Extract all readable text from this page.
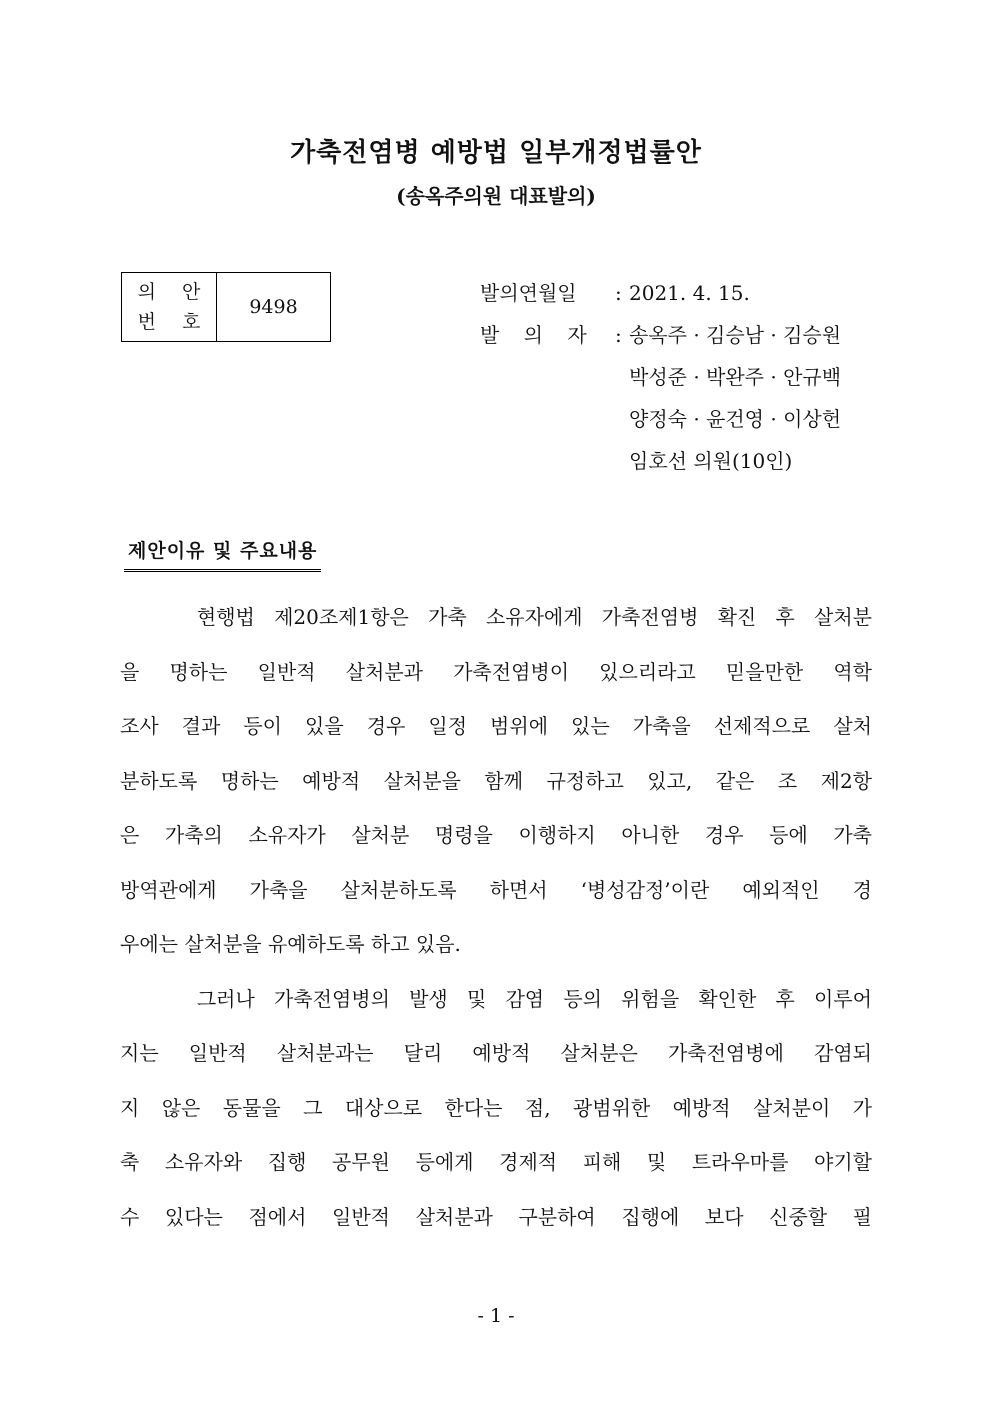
가축전염병 예방법 일부개정법률안
(송옥주의원 대표발의)
의 안
번 호
9498
발의연월일	: 2021. 4. 15.
발 의 자	: 송옥주 · 김승남 · 김승원
박성준 · 박완주 · 안규백
양정숙 · 윤건영 · 이상헌
임호선 의원(10인)
제안이유 및 주요내용
현행법 제20조제1항은 가축 소유자에게 가축전염병 확진 후 살처분
을 명하는 일반적 살처분과 가축전염병이 있으리라고 믿을만한 역학
조사 결과 등이 있을 경우 일정 범위에 있는 가축을 선제적으로 살처
분하도록 명하는 예방적 살처분을 함께 규정하고 있고, 같은 조 제2항
은 가축의 소유자가 살처분 명령을 이행하지 아니한 경우 등에 가축
방역관에게 가축을 살처분하도록 하면서 ‘병성감정’이란 예외적인 경
우에는 살처분을 유예하도록 하고 있음.
그러나 가축전염병의 발생 및 감염 등의 위험을 확인한 후 이루어
지는 일반적 살처분과는 달리 예방적 살처분은 가축전염병에 감염되
지 않은 동물을 그 대상으로 한다는 점, 광범위한 예방적 살처분이 가
축 소유자와 집행 공무원 등에게 경제적 피해 및 트라우마를 야기할
수 있다는 점에서 일반적 살처분과 구분하여 집행에 보다 신중할 필
- 1 -
